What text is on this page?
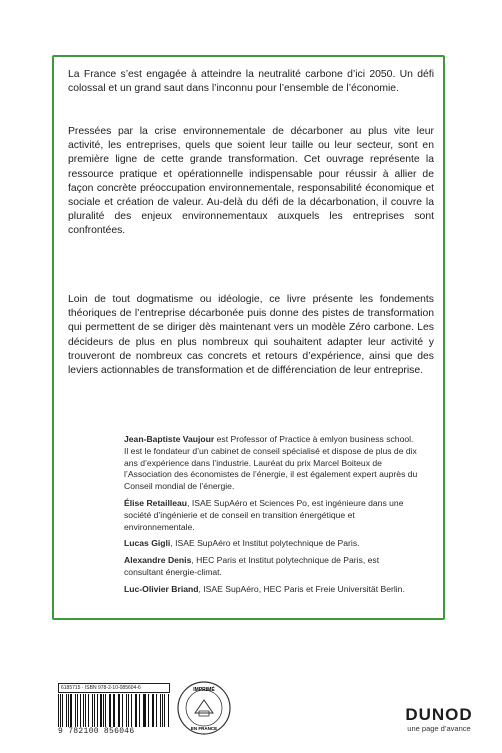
La France s’est engagée à atteindre la neutralité carbone d’ici 2050. Un défi colossal et un grand saut dans l’inconnu pour l’ensemble de l’économie.

Pressées par la crise environnementale de décarboner au plus vite leur activité, les entreprises, quels que soient leur taille ou leur secteur, sont en première ligne de cette grande transformation. Cet ouvrage représente la ressource pratique et opérationnelle indispensable pour réussir à allier de façon concrète préoccupation environnementale, responsabilité économique et sociale et création de valeur. Au-delà du défi de la décarbonation, il couvre la pluralité des enjeux environnementaux auxquels les entreprises sont confrontées.

Loin de tout dogmatisme ou idéologie, ce livre présente les fondements théoriques de l’entreprise décarbonée puis donne des pistes de transformation qui permettent de se diriger dès maintenant vers un modèle Zéro carbone. Les décideurs de plus en plus nombreux qui souhaitent adapter leur activité y trouveront de nombreux cas concrets et retours d’expérience, ainsi que des leviers actionnables de transformation et de différenciation de leur entreprise.

Jean-Baptiste Vaujour est Professor of Practice à emlyon business school. Il est le fondateur d’un cabinet de conseil spécialisé et dispose de plus de dix ans d’expérience dans l’industrie. Lauréat du prix Marcel Boiteux de l’Association des économistes de l’énergie, il est également expert auprès du Conseil mondial de l’énergie.
Élise Retailleau, ISAE SupAéro et Sciences Po, est ingénieure dans une société d’ingénierie et de conseil en transition énergétique et environnementale.
Lucas Gigli, ISAE SupAéro et Institut polytechnique de Paris.
Alexandre Denis, HEC Paris et Institut polytechnique de Paris, est consultant énergie-climat.
Luc-Olivier Briand, ISAE SupAéro, HEC Paris et Freie Universität Berlin.
6185715 · ISBN 978-2-10-085604-6
9 782100 856046
IMPRIMÉ
EN FRANCE
DUNOD
une page d’avance
